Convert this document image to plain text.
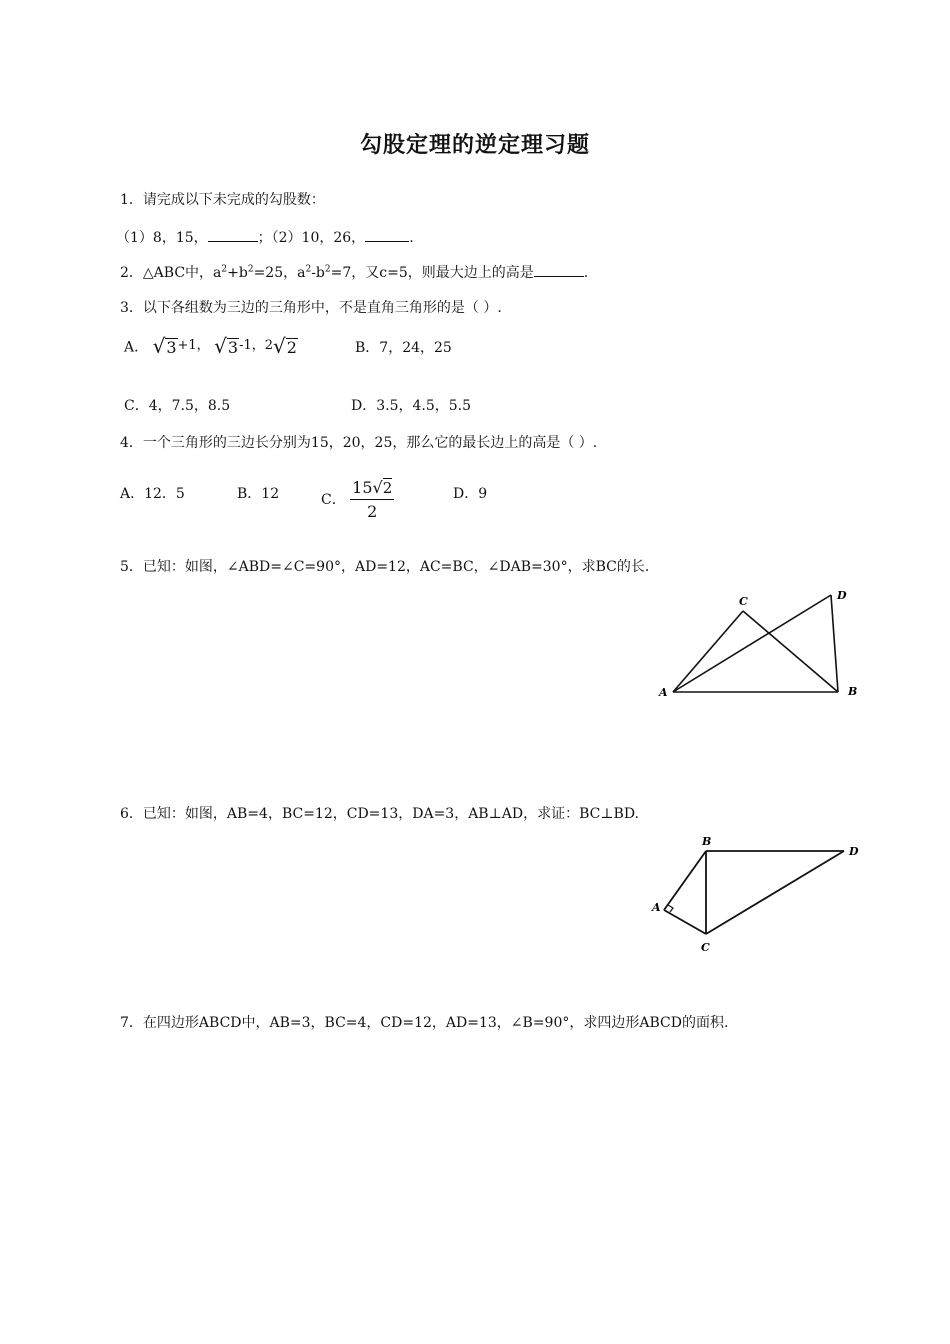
勾股定理的逆定理习题
1．请完成以下未完成的勾股数：
（1）8，15，	；（2）10，26，	.
2．△ABC中，$a^2+b^2=25$，$a^2-b^2=7$，又c=5，则最大边上的高是	.
3．以下各组数为三边的三角形中，不是直角三角形的是（ ）.
A． √3+1， √3-1，2√2	B．7，24，25
C．4，7.5，8.5	D．3.5，4.5，5.5
4．一个三角形的三边长分别为15，20，25，那么它的最长边上的高是（ ）.
A．12．5	B．12	C． $\frac{15√2}{2}$	D．9
5．已知：如图，∠ABD=∠C=90°，AD=12，AC=BC，∠DAB=30°，求BC的长.
A	B
C	D
6．已知：如图，AB=4，BC=12，CD=13，DA=3，AB⊥AD，求证：BC⊥BD.
A
B
C
D
7．在四边形ABCD中，AB=3，BC=4，CD=12，AD=13，∠B=90°，求四边形ABCD的面积.
